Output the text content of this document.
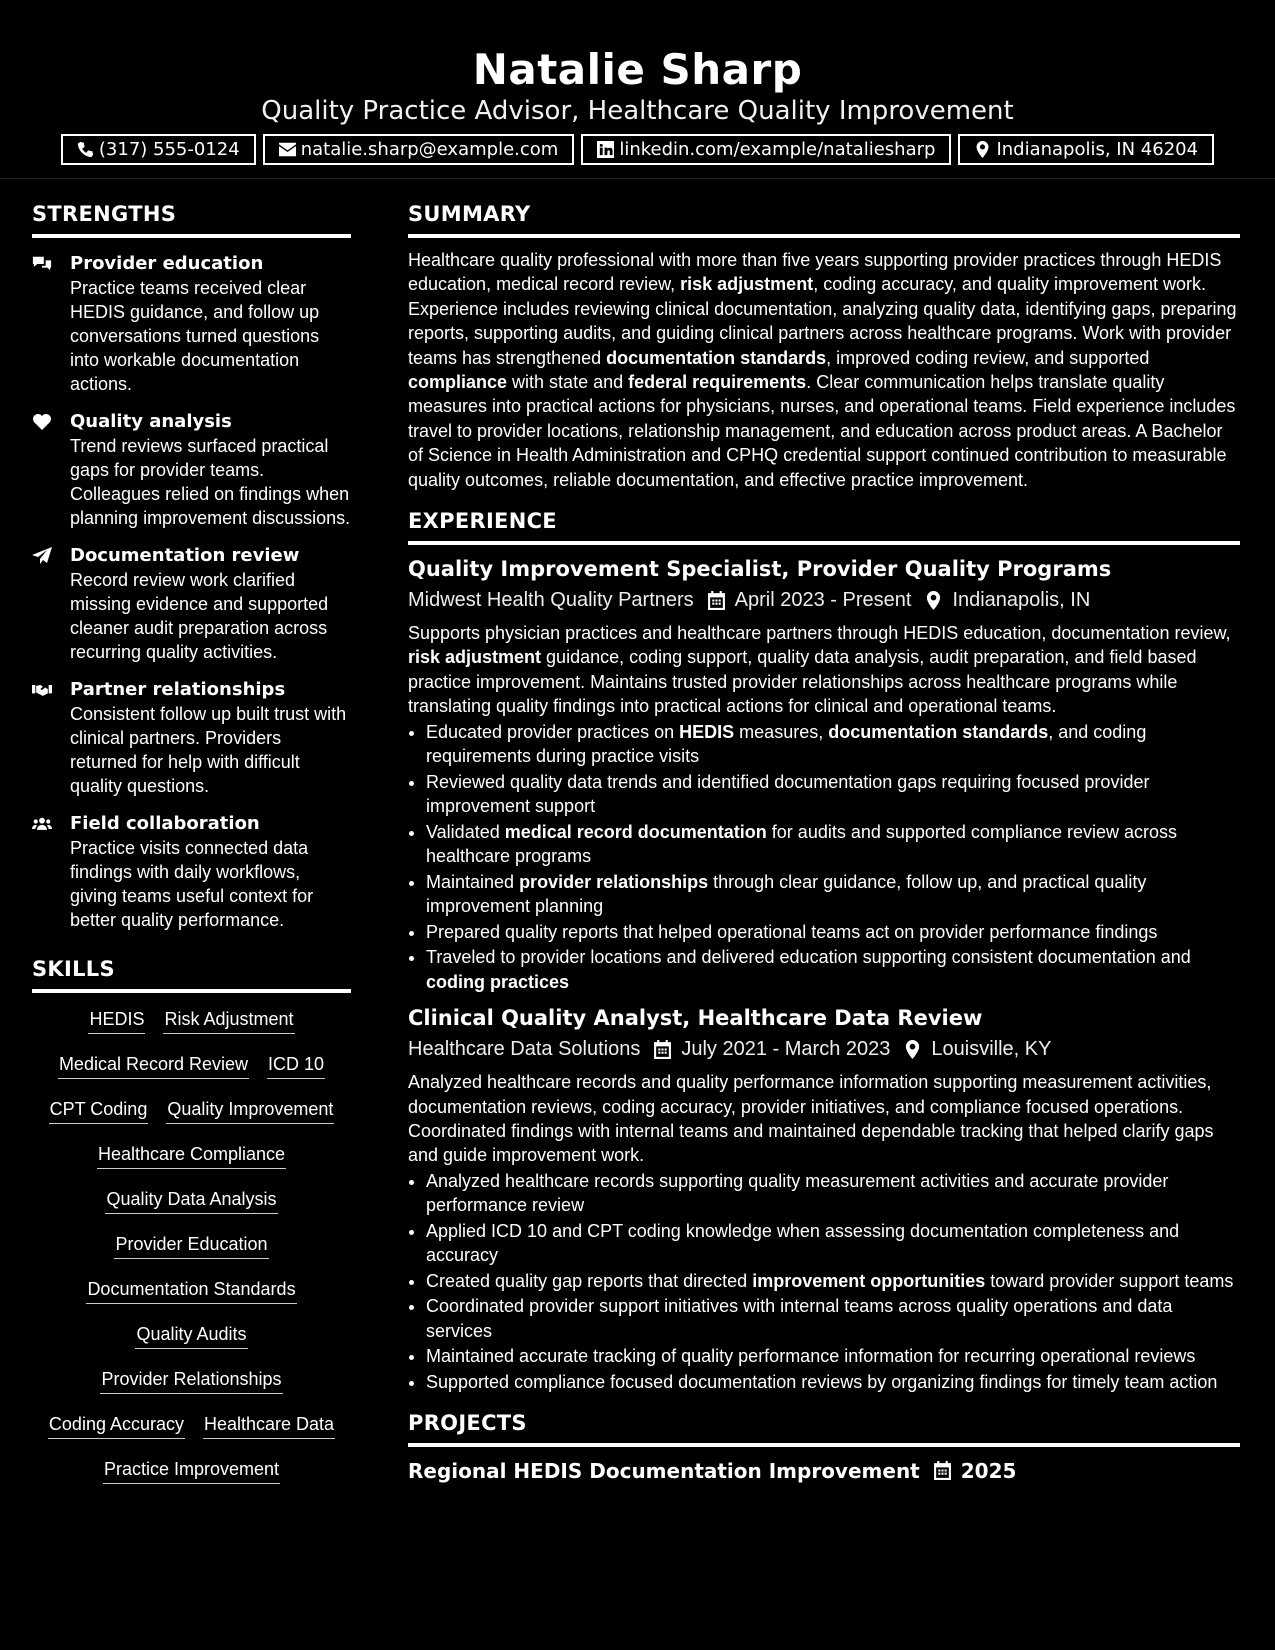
Natalie Sharp
Quality Practice Advisor, Healthcare Quality Improvement
(317) 555-0124	natalie.sharp@example.com	linkedin.com/example/nataliesharp	Indianapolis, IN 46204
STRENGTHS
Provider education
Practice teams received clear HEDIS guidance, and follow up conversations turned questions into workable documentation actions.
Quality analysis
Trend reviews surfaced practical gaps for provider teams. Colleagues relied on findings when planning improvement discussions.
Documentation review
Record review work clarified missing evidence and supported cleaner audit preparation across recurring quality activities.
Partner relationships
Consistent follow up built trust with clinical partners. Providers returned for help with difficult quality questions.
Field collaboration
Practice visits connected data findings with daily workflows, giving teams useful context for better quality performance.
SKILLS
HEDIS Risk Adjustment
Medical Record Review ICD 10
CPT Coding Quality Improvement
Healthcare Compliance
Quality Data Analysis
Provider Education
Documentation Standards
Quality Audits
Provider Relationships
Coding Accuracy Healthcare Data
Practice Improvement
SUMMARY
Healthcare quality professional with more than five years supporting provider practices through HEDIS education, medical record review, risk adjustment, coding accuracy, and quality improvement work. Experience includes reviewing clinical documentation, analyzing quality data, identifying gaps, preparing reports, supporting audits, and guiding clinical partners across healthcare programs. Work with provider teams has strengthened documentation standards, improved coding review, and supported compliance with state and federal requirements. Clear communication helps translate quality measures into practical actions for physicians, nurses, and operational teams. Field experience includes travel to provider locations, relationship management, and education across product areas. A Bachelor of Science in Health Administration and CPHQ credential support continued contribution to measurable quality outcomes, reliable documentation, and effective practice improvement.
EXPERIENCE
Quality Improvement Specialist, Provider Quality Programs
Midwest Health Quality Partners April 2023 - Present Indianapolis, IN
Supports physician practices and healthcare partners through HEDIS education, documentation review, risk adjustment guidance, coding support, quality data analysis, audit preparation, and field based practice improvement. Maintains trusted provider relationships across healthcare programs while translating quality findings into practical actions for clinical and operational teams.
• Educated provider practices on HEDIS measures, documentation standards, and coding requirements during practice visits
• Reviewed quality data trends and identified documentation gaps requiring focused provider improvement support
• Validated medical record documentation for audits and supported compliance review across healthcare programs
• Maintained provider relationships through clear guidance, follow up, and practical quality improvement planning
• Prepared quality reports that helped operational teams act on provider performance findings
• Traveled to provider locations and delivered education supporting consistent documentation and coding practices
Clinical Quality Analyst, Healthcare Data Review
Healthcare Data Solutions July 2021 - March 2023 Louisville, KY
Analyzed healthcare records and quality performance information supporting measurement activities, documentation reviews, coding accuracy, provider initiatives, and compliance focused operations. Coordinated findings with internal teams and maintained dependable tracking that helped clarify gaps and guide improvement work.
• Analyzed healthcare records supporting quality measurement activities and accurate provider performance review
• Applied ICD 10 and CPT coding knowledge when assessing documentation completeness and accuracy
• Created quality gap reports that directed improvement opportunities toward provider support teams
• Coordinated provider support initiatives with internal teams across quality operations and data services
• Maintained accurate tracking of quality performance information for recurring operational reviews
• Supported compliance focused documentation reviews by organizing findings for timely team action
PROJECTS
Regional HEDIS Documentation Improvement 2025
